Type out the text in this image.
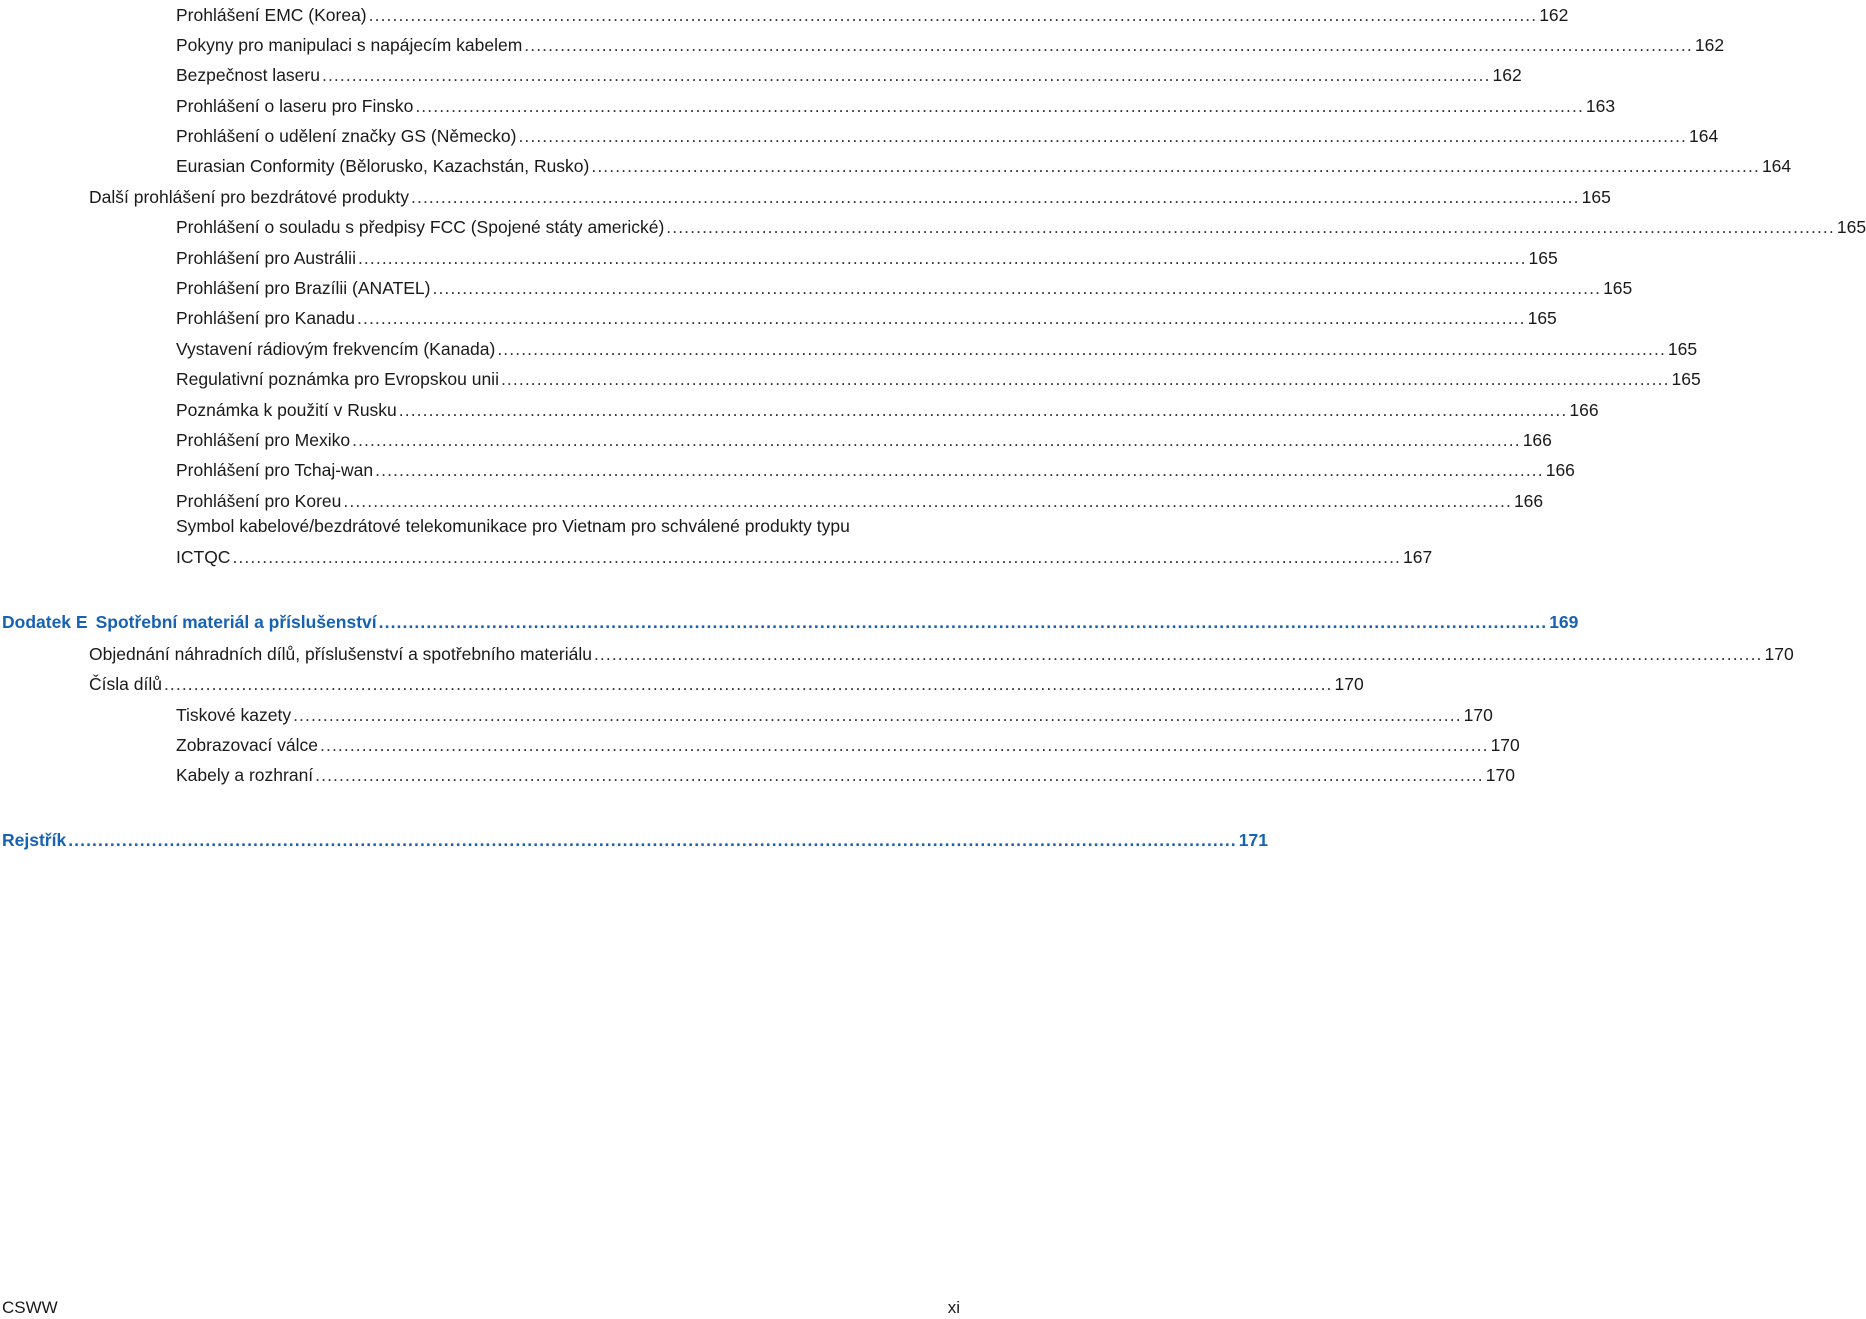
Prohlášení EMC (Korea) .................................................................................................................................................................................................... 162
Pokyny pro manipulaci s napájecím kabelem .................................................................................................................................................................................................... 162
Bezpečnost laseru .................................................................................................................................................................................................... 162
Prohlášení o laseru pro Finsko .................................................................................................................................................................................................... 163
Prohlášení o udělení značky GS (Německo) .................................................................................................................................................................................................... 164
Eurasian Conformity (Bělorusko, Kazachstán, Rusko) .................................................................................................................................................................................................... 164
Další prohlášení pro bezdrátové produkty .................................................................................................................................................................................................... 165
Prohlášení o souladu s předpisy FCC (Spojené státy americké) .................................................................................................................................................................................................... 165
Prohlášení pro Austrálii .................................................................................................................................................................................................... 165
Prohlášení pro Brazílii (ANATEL) .................................................................................................................................................................................................... 165
Prohlášení pro Kanadu .................................................................................................................................................................................................... 165
Vystavení rádiovým frekvencím (Kanada) .................................................................................................................................................................................................... 165
Regulativní poznámka pro Evropskou unii .................................................................................................................................................................................................... 165
Poznámka k použití v Rusku .................................................................................................................................................................................................... 166
Prohlášení pro Mexiko .................................................................................................................................................................................................... 166
Prohlášení pro Tchaj-wan .................................................................................................................................................................................................... 166
Prohlášení pro Koreu .................................................................................................................................................................................................... 166
Symbol kabelové/bezdrátové telekomunikace pro Vietnam pro schválené produkty typu
ICTQC .................................................................................................................................................................................................... 167
Dodatek E Spotřební materiál a příslušenství .................................................................................................................................................................................................... 169
Objednání náhradních dílů, příslušenství a spotřebního materiálu .................................................................................................................................................................................................... 170
Čísla dílů .................................................................................................................................................................................................... 170
Tiskové kazety .................................................................................................................................................................................................... 170
Zobrazovací válce .................................................................................................................................................................................................... 170
Kabely a rozhraní .................................................................................................................................................................................................... 170
Rejstřík .................................................................................................................................................................................................... 171
CSWW	xi
